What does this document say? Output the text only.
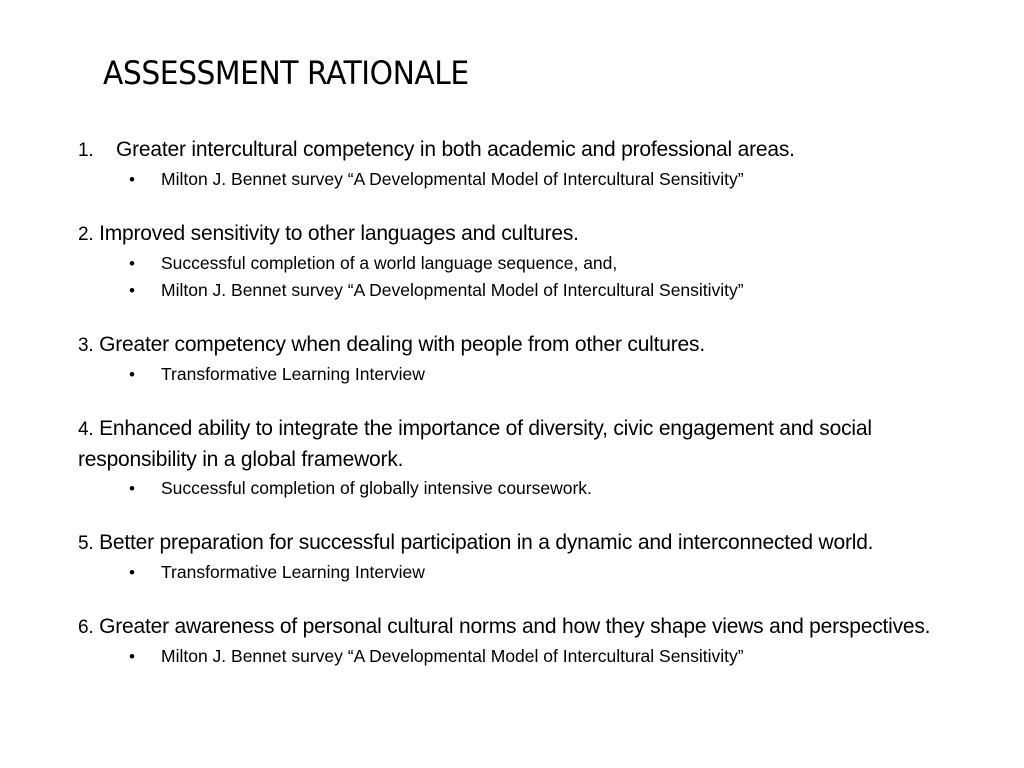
ASSESSMENT RATIONALE
1. Greater intercultural competency in both academic and professional areas.
• Milton J. Bennet survey “A Developmental Model of Intercultural Sensitivity”
2. Improved sensitivity to other languages and cultures.
• Successful completion of a world language sequence, and,
• Milton J. Bennet survey “A Developmental Model of Intercultural Sensitivity”
3. Greater competency when dealing with people from other cultures.
• Transformative Learning Interview
4. Enhanced ability to integrate the importance of diversity, civic engagement and social responsibility in a global framework.
• Successful completion of globally intensive coursework.
5. Better preparation for successful participation in a dynamic and interconnected world.
• Transformative Learning Interview
6. Greater awareness of personal cultural norms and how they shape views and perspectives.
• Milton J. Bennet survey “A Developmental Model of Intercultural Sensitivity”
